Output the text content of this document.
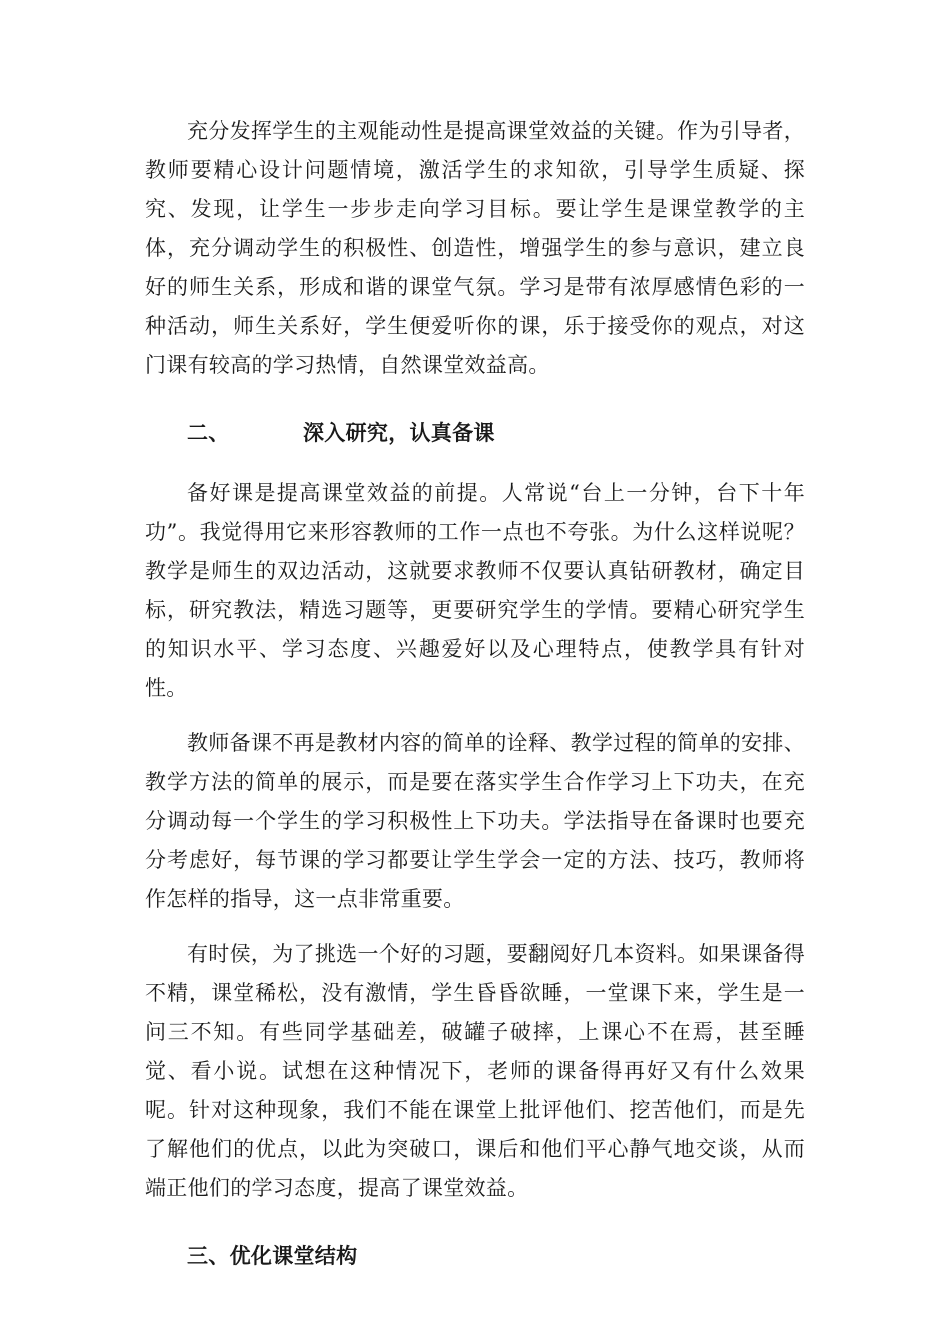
充分发挥学生的主观能动性是提高课堂效益的关键。作为引导者，教师要精心设计问题情境，激活学生的求知欲，引导学生质疑、探究、发现，让学生一步步走向学习目标。要让学生是课堂教学的主体，充分调动学生的积极性、创造性，增强学生的参与意识，建立良好的师生关系，形成和谐的课堂气氛。学习是带有浓厚感情色彩的一种活动，师生关系好，学生便爱听你的课，乐于接受你的观点，对这门课有较高的学习热情，自然课堂效益高。

二、	深入研究，认真备课

备好课是提高课堂效益的前提。人常说“台上一分钟，台下十年功”。我觉得用它来形容教师的工作一点也不夸张。为什么这样说呢？教学是师生的双边活动，这就要求教师不仅要认真钻研教材，确定目标，研究教法，精选习题等，更要研究学生的学情。要精心研究学生的知识水平、学习态度、兴趣爱好以及心理特点，使教学具有针对性。

教师备课不再是教材内容的简单的诠释、教学过程的简单的安排、教学方法的简单的展示，而是要在落实学生合作学习上下功夫，在充分调动每一个学生的学习积极性上下功夫。学法指导在备课时也要充分考虑好，每节课的学习都要让学生学会一定的方法、技巧，教师将作怎样的指导，这一点非常重要。

有时侯，为了挑选一个好的习题，要翻阅好几本资料。如果课备得不精，课堂稀松，没有激情，学生昏昏欲睡，一堂课下来，学生是一问三不知。有些同学基础差，破罐子破摔，上课心不在焉，甚至睡觉、看小说。试想在这种情况下，老师的课备得再好又有什么效果呢。针对这种现象，我们不能在课堂上批评他们、挖苦他们，而是先了解他们的优点，以此为突破口，课后和他们平心静气地交谈，从而端正他们的学习态度，提高了课堂效益。

三、优化课堂结构
